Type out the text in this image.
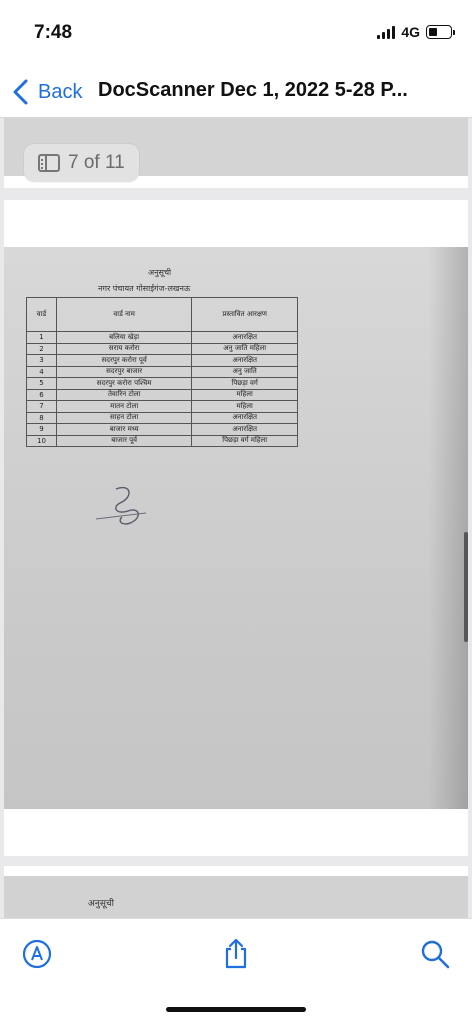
7:48	4G
Back DocScanner Dec 1, 2022 5-28 P...
7 of 11
अनुसूची
नगर पंचायत गोसाईगंज-लखनऊ
वार्ड	वार्ड नाम	प्रस्तावित आरक्षण
1	बलिया खेड़ा	अनारक्षित
2	सराय करोरा	अनु जाति महिला
3	सदरपुर करोरा पूर्व	अनारक्षित
4	सदरपुर बाजार	अनु जाति
5	सदरपुर करोरा पश्चिम	पिछड़ा वर्ग
6	तेवारिन टोला	महिला
7	मातन टोला	महिला
8	साहन टोला	अनारक्षित
9	बाजार मध्य	अनारक्षित
10	बाजार पूर्व	पिछड़ा वर्ग महिला
अनुसूची
